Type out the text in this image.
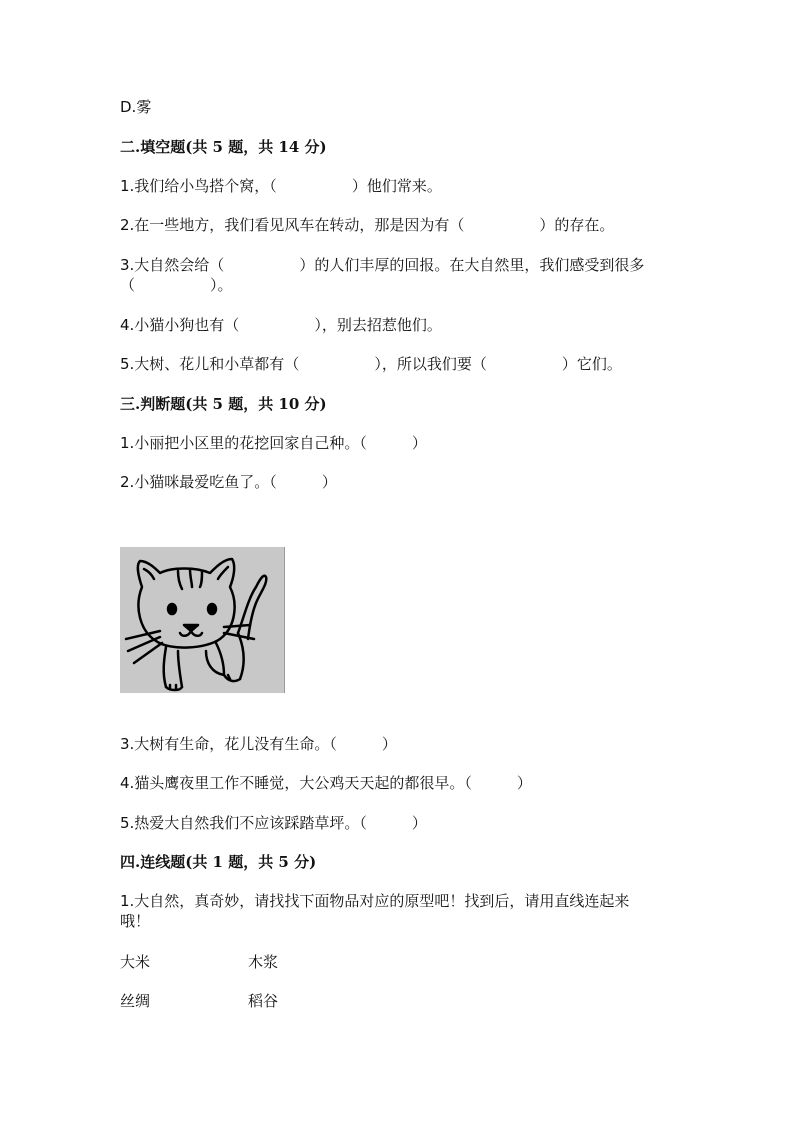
D.雾
二.填空题(共 5 题，共 14 分)
1.我们给小鸟搭个窝，（　　　　　）他们常来。
2.在一些地方，我们看见风车在转动，那是因为有（　　　　　）的存在。
3.大自然会给（　　　　　）的人们丰厚的回报。在大自然里，我们感受到很多
（　　　　　）。
4.小猫小狗也有（　　　　　），别去招惹他们。
5.大树、花儿和小草都有（　　　　　），所以我们要（　　　　　）它们。
三.判断题(共 5 题，共 10 分)
1.小丽把小区里的花挖回家自己种。（　　　）
2.小猫咪最爱吃鱼了。（　　　）
3.大树有生命，花儿没有生命。（　　　）
4.猫头鹰夜里工作不睡觉，大公鸡天天起的都很早。（　　　）
5.热爱大自然我们不应该踩踏草坪。（　　　）
四.连线题(共 1 题，共 5 分)
1.大自然，真奇妙，请找找下面物品对应的原型吧！找到后，请用直线连起来
哦！
大米	木浆
丝绸	稻谷
